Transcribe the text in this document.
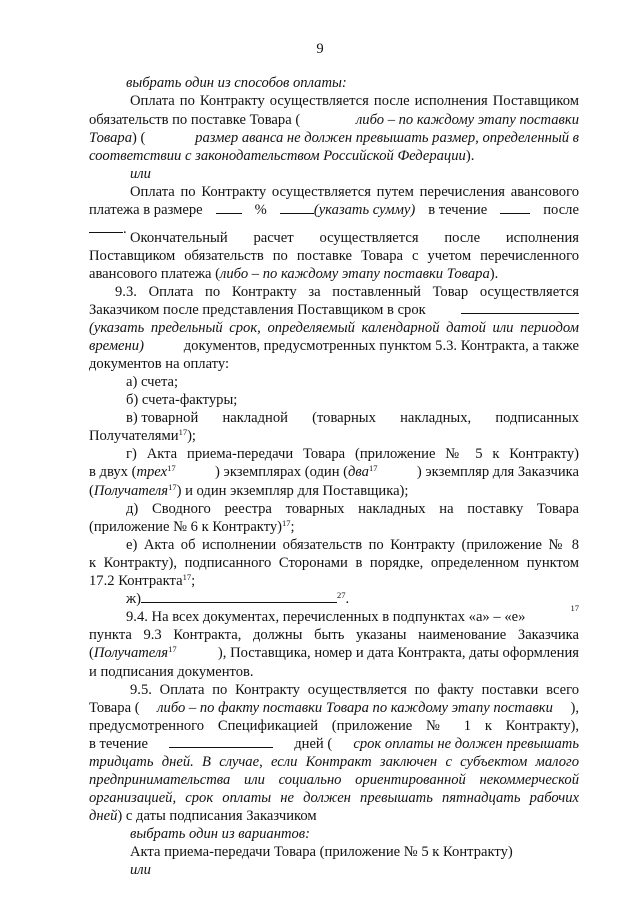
9
выбрать один из способов оплаты:
Оплата по Контракту осуществляется после исполнения Поставщиком
обязательств по поставке Товара (	либо – по каждому этапу поставки
Товара) (	размер аванса не должен превышать размер, определенный в
соответствии с законодательством Российской Федерации).
или
Оплата по Контракту осуществляется путем перечисления авансового
платежа в размере	%	(указать сумму) в течение	после
.
Окончательный расчет осуществляется после исполнения
Поставщиком обязательств по поставке Товара с учетом перечисленного
авансового платежа (либо – по каждому этапу поставки Товара).
9.3. Оплата по Контракту за поставленный Товар осуществляется
Заказчиком после представления Поставщиком в срок
(указать предельный срок, определяемый календарной датой или периодом
времени)	документов, предусмотренных пунктом 5.3. Контракта, а также
документов на оплату:
а) счета;
б) счета-фактуры;
в) товарной накладной (товарных накладных, подписанных
Получателями$^{17}$);
г) Акта приема-передачи Товара (приложение № 5 к Контракту)
в двух (трех$^{17}$	) экземплярах (один (два$^{17}$	) экземпляр для Заказчика
(Получателя$^{17}$) и один экземпляр для Поставщика);
д) Сводного реестра товарных накладных на поставку Товара
(приложение № 6 к Контракту)$^{17}$;
е) Акта об исполнении обязательств по Контракту (приложение № 8
к Контракту), подписанного Сторонами в порядке, определенном пунктом
17.2 Контракта$^{17}$;
ж)	$^{27}$.
9.4. На всех документах, перечисленных в подпунктах «а» – «е»
17
пункта 9.3 Контракта, должны быть указаны наименование Заказчика
(Получателя$^{17}$	), Поставщика, номер и дата Контракта, даты оформления
и подписания документов.
9.5. Оплата по Контракту осуществляется по факту поставки всего
Товара ( либо – по факту поставки Товара по каждому этапу поставки ),
предусмотренного Спецификацией (приложение № 1 к Контракту),
в течение	дней ( срок оплаты не должен превышать
тридцать дней. В случае, если Контракт заключен с субъектом малого
предпринимательства или социально ориентированной некоммерческой
организацией, срок оплаты не должен превышать пятнадцать рабочих
дней) с даты подписания Заказчиком
выбрать один из вариантов:
Акта приема-передачи Товара (приложение № 5 к Контракту)
или
